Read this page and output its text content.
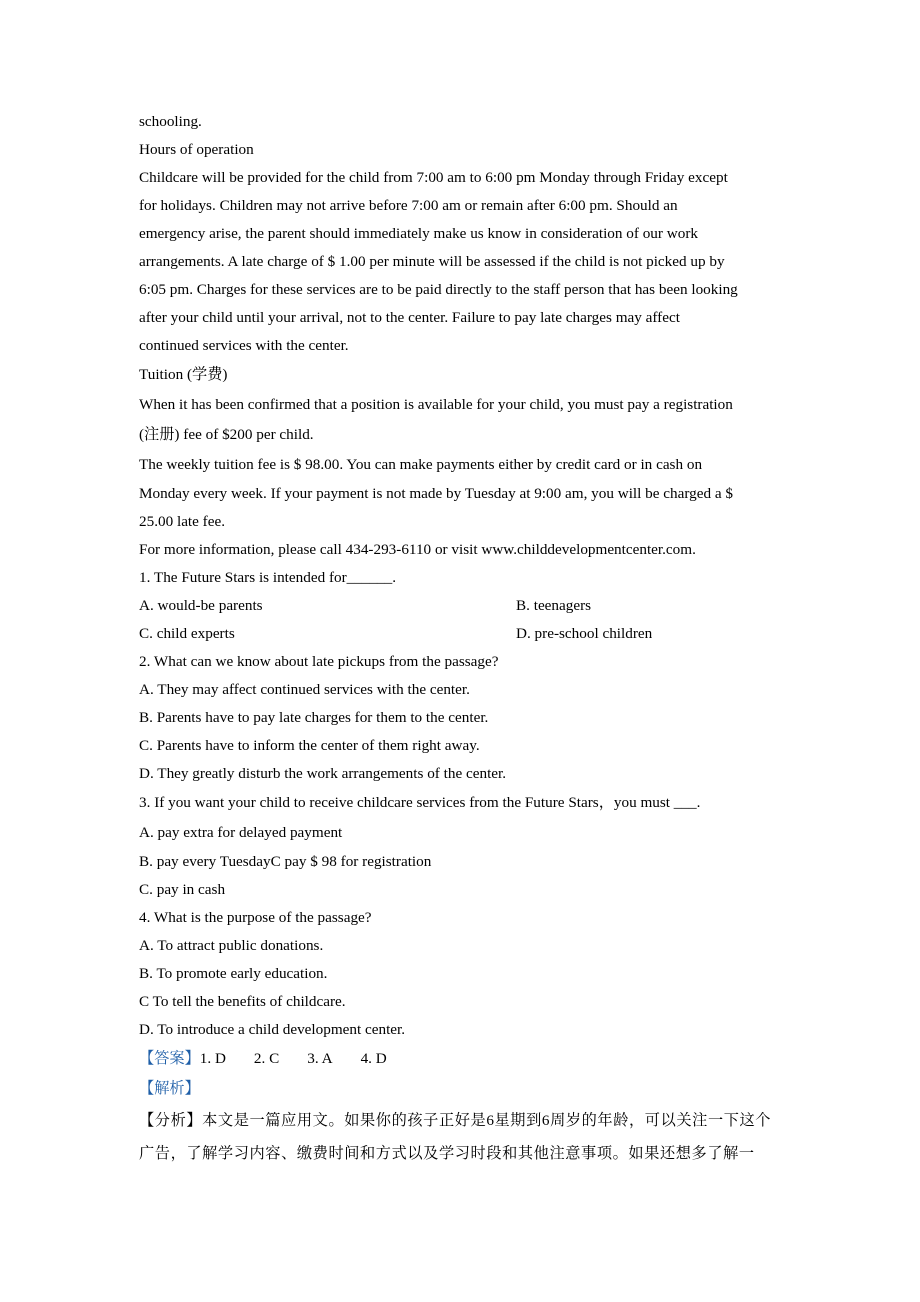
schooling.

Hours of operation

Childcare will be provided for the child from 7:00 am to 6:00 pm Monday through Friday except

for holidays. Children may not arrive before 7:00 am or remain after 6:00 pm. Should an

emergency arise, the parent should immediately make us know in consideration of our work

arrangements. A late charge of $ 1.00 per minute will be assessed if the child is not picked up by

6:05 pm. Charges for these services are to be paid directly to the staff person that has been looking

after your child until your arrival, not to the center. Failure to pay late charges may affect

continued services with the center.

Tuition (学费)

When it has been confirmed that a position is available for your child, you must pay a registration

(注册) fee of $200 per child.

The weekly tuition fee is $ 98.00. You can make payments either by credit card or in cash on

Monday every week. If your payment is not made by Tuesday at 9:00 am, you will be charged a $

25.00 late fee.

For more information, please call 434-293-6110 or visit www.childdevelopmentcenter.com.

1. The Future Stars is intended for______.

A. would-be parents	B. teenagers
C. child experts	D. pre-school children

2. What can we know about late pickups from the passage?

A. They may affect continued services with the center.

B. Parents have to pay late charges for them to the center.

C. Parents have to inform the center of them right away.

D. They greatly disturb the work arrangements of the center.

3. If you want your child to receive childcare services from the Future Stars，you must ___.

A. pay extra for delayed payment

B. pay every TuesdayC pay $ 98 for registration

C. pay in cash

4. What is the purpose of the passage?

A. To attract public donations.

B. To promote early education.

C To tell the benefits of childcare.

D. To introduce a child development center.

【答案】1. D 2. C 3. A 4. D

【解析】

【分析】本文是一篇应用文。如果你的孩子正好是6星期到6周岁的年龄，可以关注一下这个广告，了解学习内容、缴费时间和方式以及学习时段和其他注意事项。如果还想多了解一
